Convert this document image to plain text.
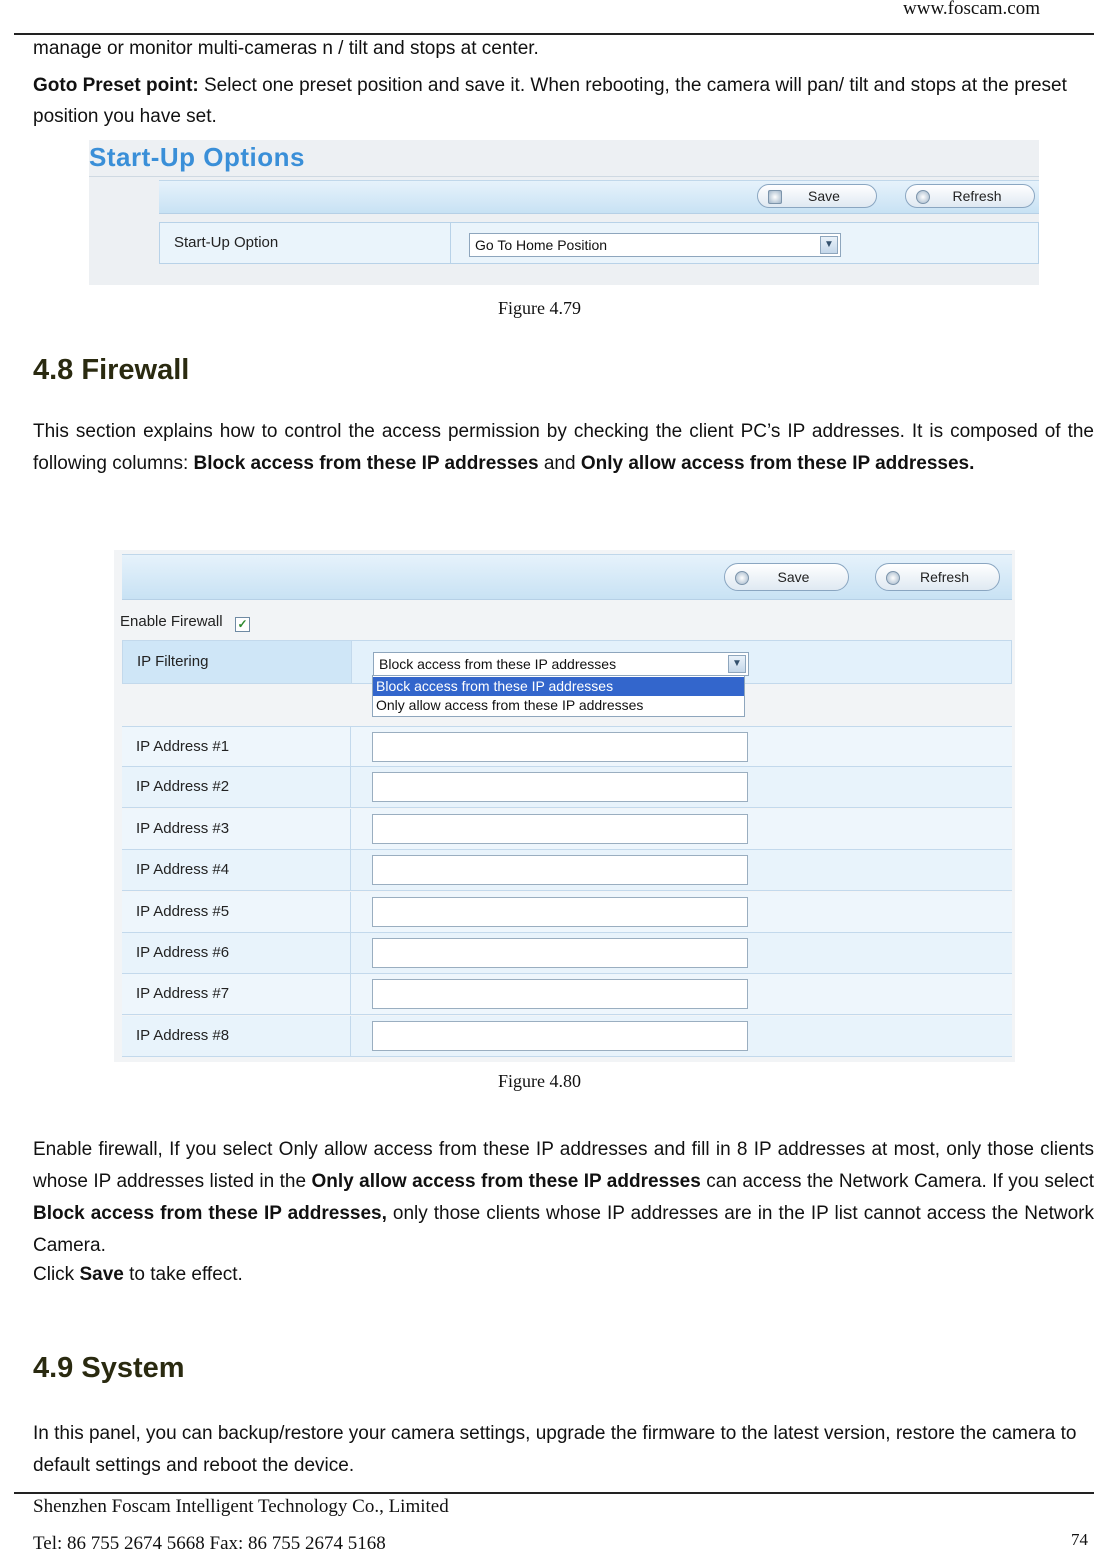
www.foscam.com
manage or monitor multi-cameras n / tilt and stops at center.

Goto Preset point: Select one preset position and save it. When rebooting, the camera will pan/ tilt and stops at the preset position you have set.

Start-Up Options
Save	Refresh
Start-Up Option	Go To Home Position	▼
Figure 4.79
4.8 Firewall

This section explains how to control the access permission by checking the client PC’s IP addresses. It is composed of the following columns: Block access from these IP addresses and Only allow access from these IP addresses.

Save	Refresh
Enable Firewall ✓
IP Filtering	Block access from these IP addresses	▼
Block access from these IP addresses
Only allow access from these IP addresses
IP Address #1
IP Address #2
IP Address #3
IP Address #4
IP Address #5
IP Address #6
IP Address #7
IP Address #8
Figure 4.80

Enable firewall, If you select Only allow access from these IP addresses and fill in 8 IP addresses at most, only those clients whose IP addresses listed in the Only allow access from these IP addresses can access the Network Camera. If you select Block access from these IP addresses, only those clients whose IP addresses are in the IP list cannot access the Network Camera.

Click Save to take effect.
4.9 System

In this panel, you can backup/restore your camera settings, upgrade the firmware to the latest version, restore the camera to default settings and reboot the device.

Shenzhen Foscam Intelligent Technology Co., Limited
Tel: 86 755 2674 5668 Fax: 86 755 2674 5168	74
